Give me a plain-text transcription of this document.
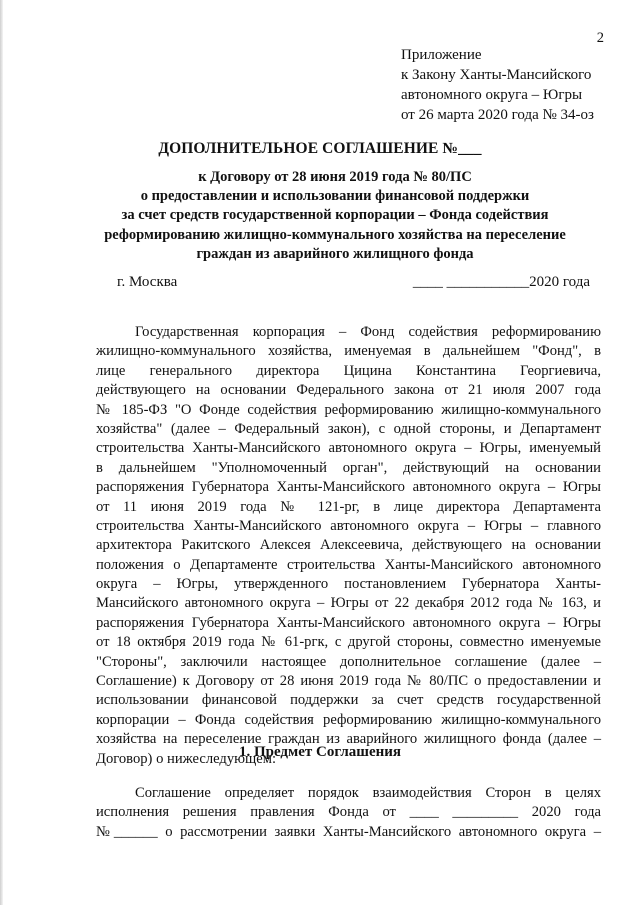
2
Приложение
к Закону Ханты-Мансийского
автономного округа – Югры
от 26 марта 2020 года № 34-оз
ДОПОЛНИТЕЛЬНОЕ СОГЛАШЕНИЕ №___
к Договору от 28 июня 2019 года № 80/ПС
о предоставлении и использовании финансовой поддержки
за счет средств государственной корпорации – Фонда содействия
реформированию жилищно-коммунального хозяйства на переселение
граждан из аварийного жилищного фонда
г. Москва	____ ___________2020 года
Государственная корпорация – Фонд содействия реформированию
жилищно-коммунального хозяйства, именуемая в дальнейшем "Фонд", в
лице генерального директора Цицина Константина Георгиевича,
действующего на основании Федерального закона от 21 июля 2007 года
№ 185-ФЗ "О Фонде содействия реформированию жилищно-коммунального
хозяйства" (далее – Федеральный закон), с одной стороны, и Департамент
строительства Ханты-Мансийского автономного округа – Югры, именуемый
в дальнейшем "Уполномоченный орган", действующий на основании
распоряжения Губернатора Ханты-Мансийского автономного округа – Югры
от 11 июня 2019 года № 121-рг, в лице директора Департамента
строительства Ханты-Мансийского автономного округа – Югры – главного
архитектора Ракитского Алексея Алексеевича, действующего на основании
положения о Департаменте строительства Ханты-Мансийского автономного
округа – Югры, утвержденного постановлением Губернатора Ханты-
Мансийского автономного округа – Югры от 22 декабря 2012 года № 163, и
распоряжения Губернатора Ханты-Мансийского автономного округа – Югры
от 18 октября 2019 года № 61-ргк, с другой стороны, совместно именуемые
"Стороны", заключили настоящее дополнительное соглашение (далее –
Соглашение) к Договору от 28 июня 2019 года № 80/ПС о предоставлении и
использовании финансовой поддержки за счет средств государственной
корпорации – Фонда содействия реформированию жилищно-коммунального
хозяйства на переселение граждан из аварийного жилищного фонда (далее –
Договор) о нижеследующем:
1. Предмет Соглашения
Соглашение определяет порядок взаимодействия Сторон в целях
исполнения решения правления Фонда от ____ _________ 2020 года
№______ о рассмотрении заявки Ханты-Мансийского автономного округа –
